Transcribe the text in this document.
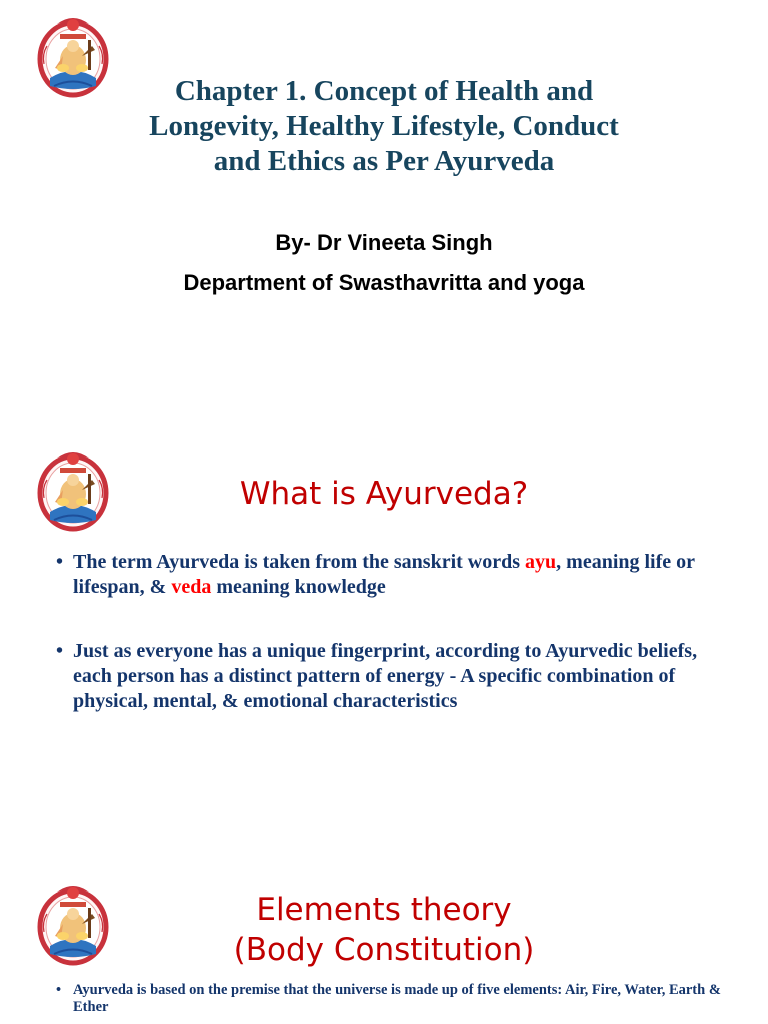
Chapter 1. Concept of Health and
Longevity, Healthy Lifestyle, Conduct
and Ethics as Per Ayurveda

By- Dr Vineeta Singh

Department of Swasthavritta and yoga

What is Ayurveda?
• The term Ayurveda is taken from the sanskrit words ayu, meaning life or lifespan, & veda meaning knowledge
• Just as everyone has a unique fingerprint, according to Ayurvedic beliefs, each person has a distinct pattern of energy - A specific combination of physical, mental, & emotional characteristics
Elements theory
(Body Constitution)
• Ayurveda is based on the premise that the universe is made up of five elements: Air, Fire, Water, Earth & Ether
